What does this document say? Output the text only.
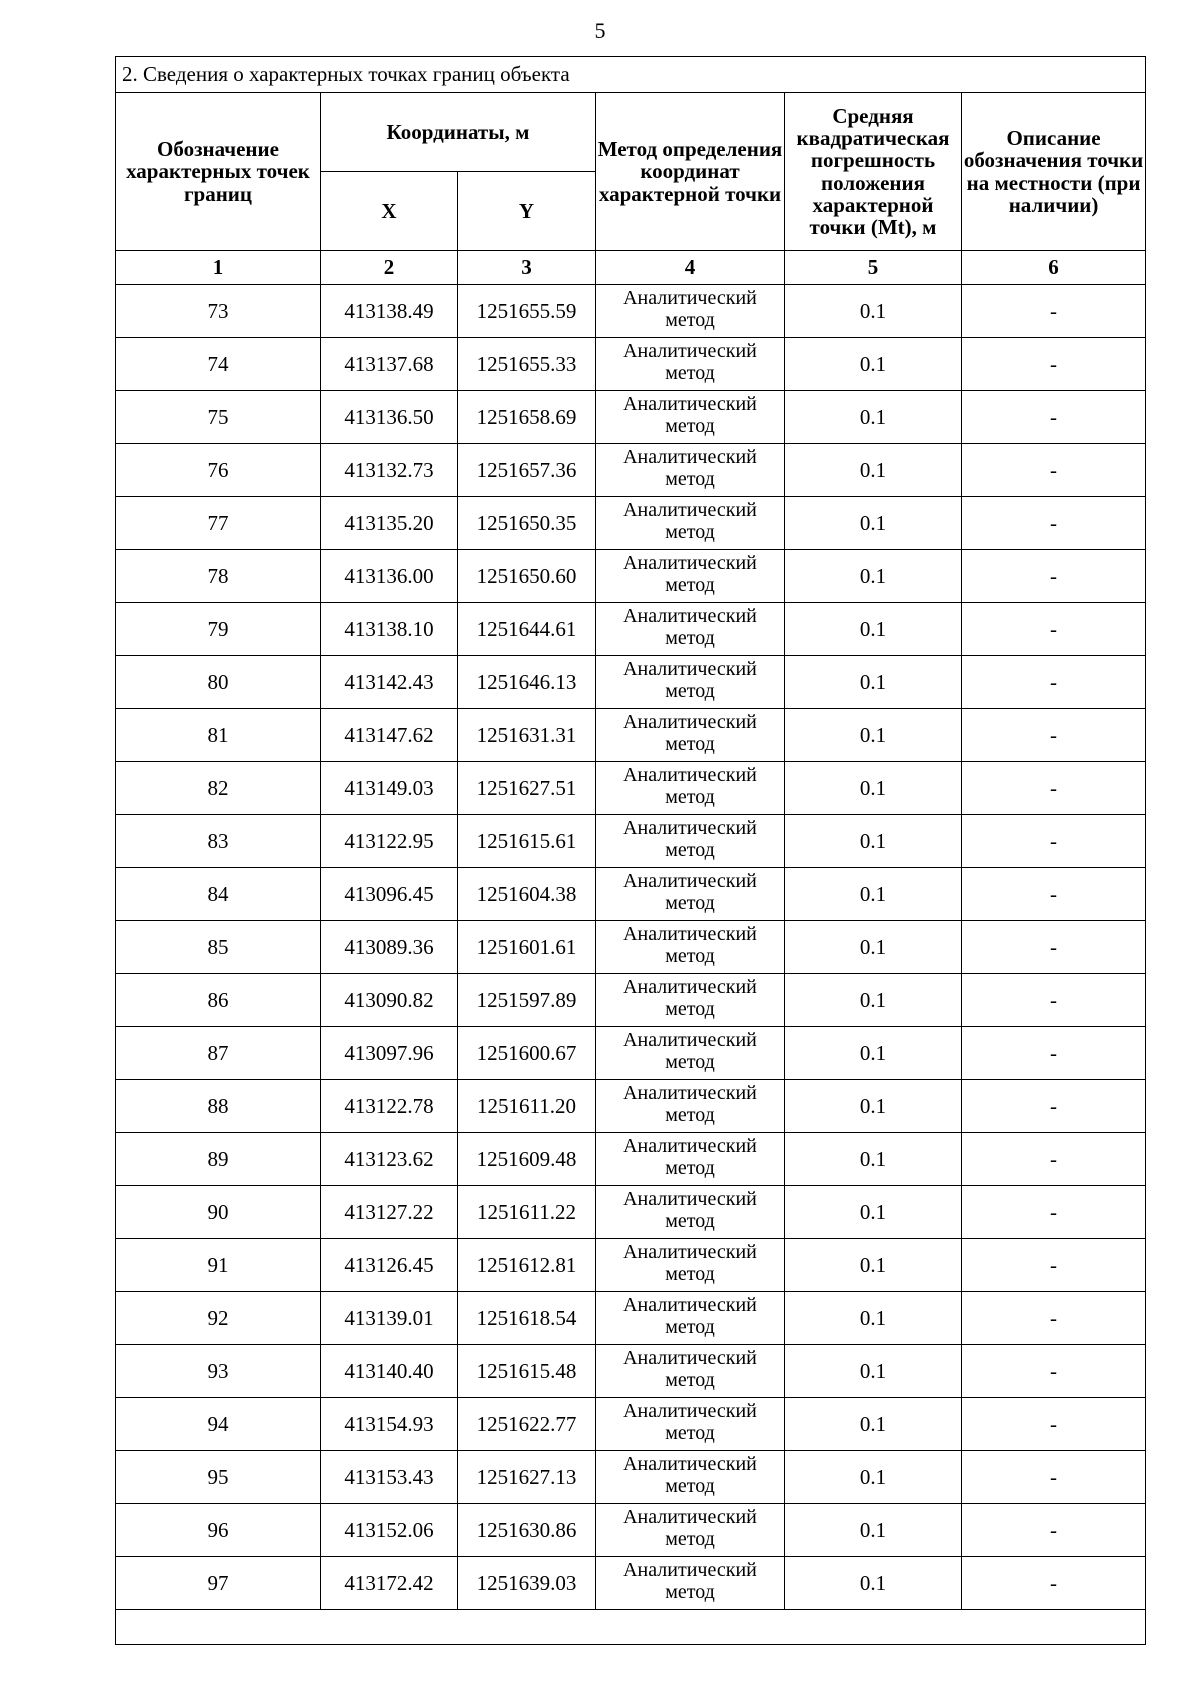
5
2. Сведения о характерных точках границ объекта					
Обозначение характерных точек границ	Координаты, м		Метод определения координат характерной точки	Средняя квадратическая погрешность положения характерной точки (Mt), м	Описание обозначения точки на местности (при наличии)
	X	Y			
1	2	3	4	5	6
73	413138.49	1251655.59	Аналитический метод	0.1	-
74	413137.68	1251655.33	Аналитический метод	0.1	-
75	413136.50	1251658.69	Аналитический метод	0.1	-
76	413132.73	1251657.36	Аналитический метод	0.1	-
77	413135.20	1251650.35	Аналитический метод	0.1	-
78	413136.00	1251650.60	Аналитический метод	0.1	-
79	413138.10	1251644.61	Аналитический метод	0.1	-
80	413142.43	1251646.13	Аналитический метод	0.1	-
81	413147.62	1251631.31	Аналитический метод	0.1	-
82	413149.03	1251627.51	Аналитический метод	0.1	-
83	413122.95	1251615.61	Аналитический метод	0.1	-
84	413096.45	1251604.38	Аналитический метод	0.1	-
85	413089.36	1251601.61	Аналитический метод	0.1	-
86	413090.82	1251597.89	Аналитический метод	0.1	-
87	413097.96	1251600.67	Аналитический метод	0.1	-
88	413122.78	1251611.20	Аналитический метод	0.1	-
89	413123.62	1251609.48	Аналитический метод	0.1	-
90	413127.22	1251611.22	Аналитический метод	0.1	-
91	413126.45	1251612.81	Аналитический метод	0.1	-
92	413139.01	1251618.54	Аналитический метод	0.1	-
93	413140.40	1251615.48	Аналитический метод	0.1	-
94	413154.93	1251622.77	Аналитический метод	0.1	-
95	413153.43	1251627.13	Аналитический метод	0.1	-
96	413152.06	1251630.86	Аналитический метод	0.1	-
97	413172.42	1251639.03	Аналитический метод	0.1	-
